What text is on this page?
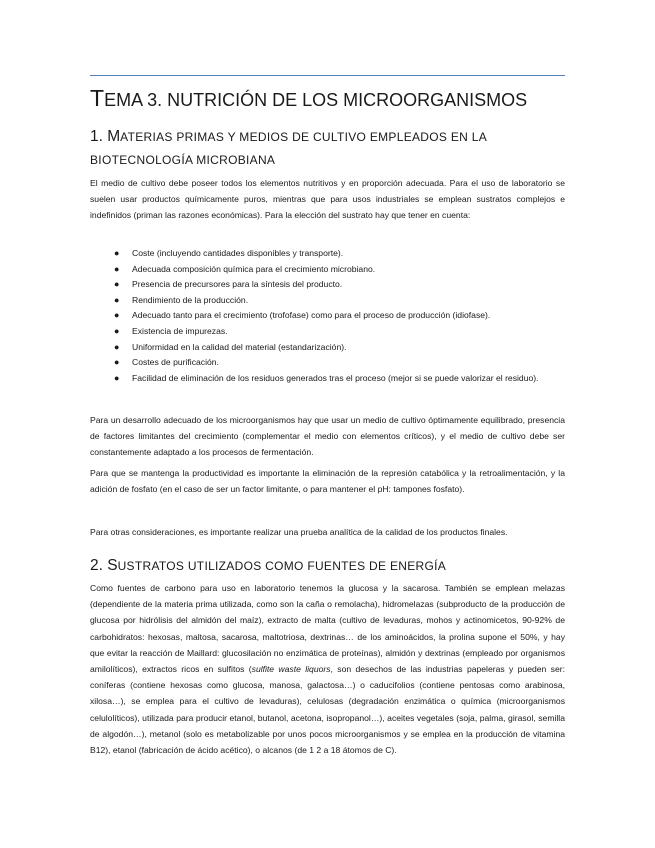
TEMA 3. NUTRICIÓN DE LOS MICROORGANISMOS
1. MATERIAS PRIMAS Y MEDIOS DE CULTIVO EMPLEADOS EN LA
BIOTECNOLOGÍA MICROBIANA
El medio de cultivo debe poseer todos los elementos nutritivos y en proporción adecuada. Para el uso de laboratorio se suelen usar productos químicamente puros, mientras que para usos industriales se emplean sustratos complejos e indefinidos (priman las razones económicas). Para la elección del sustrato hay que tener en cuenta:
● Coste (incluyendo cantidades disponibles y transporte).
● Adecuada composición química para el crecimiento microbiano.
● Presencia de precursores para la síntesis del producto.
● Rendimiento de la producción.
● Adecuado tanto para el crecimiento (trofofase) como para el proceso de producción (idiofase).
● Existencia de impurezas.
● Uniformidad en la calidad del material (estandarización).
● Costes de purificación.
● Facilidad de eliminación de los residuos generados tras el proceso (mejor si se puede valorizar el residuo).
Para un desarrollo adecuado de los microorganismos hay que usar un medio de cultivo óptimamente equilibrado, presencia de factores limitantes del crecimiento (complementar el medio con elementos críticos), y el medio de cultivo debe ser constantemente adaptado a los procesos de fermentación.
Para que se mantenga la productividad es importante la eliminación de la represión catabólica y la retroalimentación, y la adición de fosfato (en el caso de ser un factor limitante, o para mantener el pH: tampones fosfato).
Para otras consideraciones, es importante realizar una prueba analítica de la calidad de los productos finales.
2. SUSTRATOS UTILIZADOS COMO FUENTES DE ENERGÍA
Como fuentes de carbono para uso en laboratorio tenemos la glucosa y la sacarosa. También se emplean melazas (dependiente de la materia prima utilizada, como son la caña o remolacha), hidromelazas (subproducto de la producción de glucosa por hidrólisis del almidón del maíz), extracto de malta (cultivo de levaduras, mohos y actinomicetos, 90-92% de carbohidratos: hexosas, maltosa, sacarosa, maltotriosa, dextrinas… de los aminoácidos, la prolina supone el 50%, y hay que evitar la reacción de Maillard: glucosilación no enzimática de proteínas), almidón y dextrinas (empleado por organismos amilolíticos), extractos ricos en sulfitos (sulfite waste liquors, son desechos de las industrias papeleras y pueden ser: coníferas (contiene hexosas como glucosa, manosa, galactosa…) o caducifolios (contiene pentosas como arabinosa, xilosa…), se emplea para el cultivo de levaduras), celulosas (degradación enzimática o química (microorganismos celulolíticos), utilizada para producir etanol, butanol, acetona, isopropanol…), aceites vegetales (soja, palma, girasol, semilla de algodón…), metanol (solo es metabolizable por unos pocos microorganismos y se emplea en la producción de vitamina B12), etanol (fabricación de ácido acético), o alcanos (de 1 2 a 18 átomos de C).
